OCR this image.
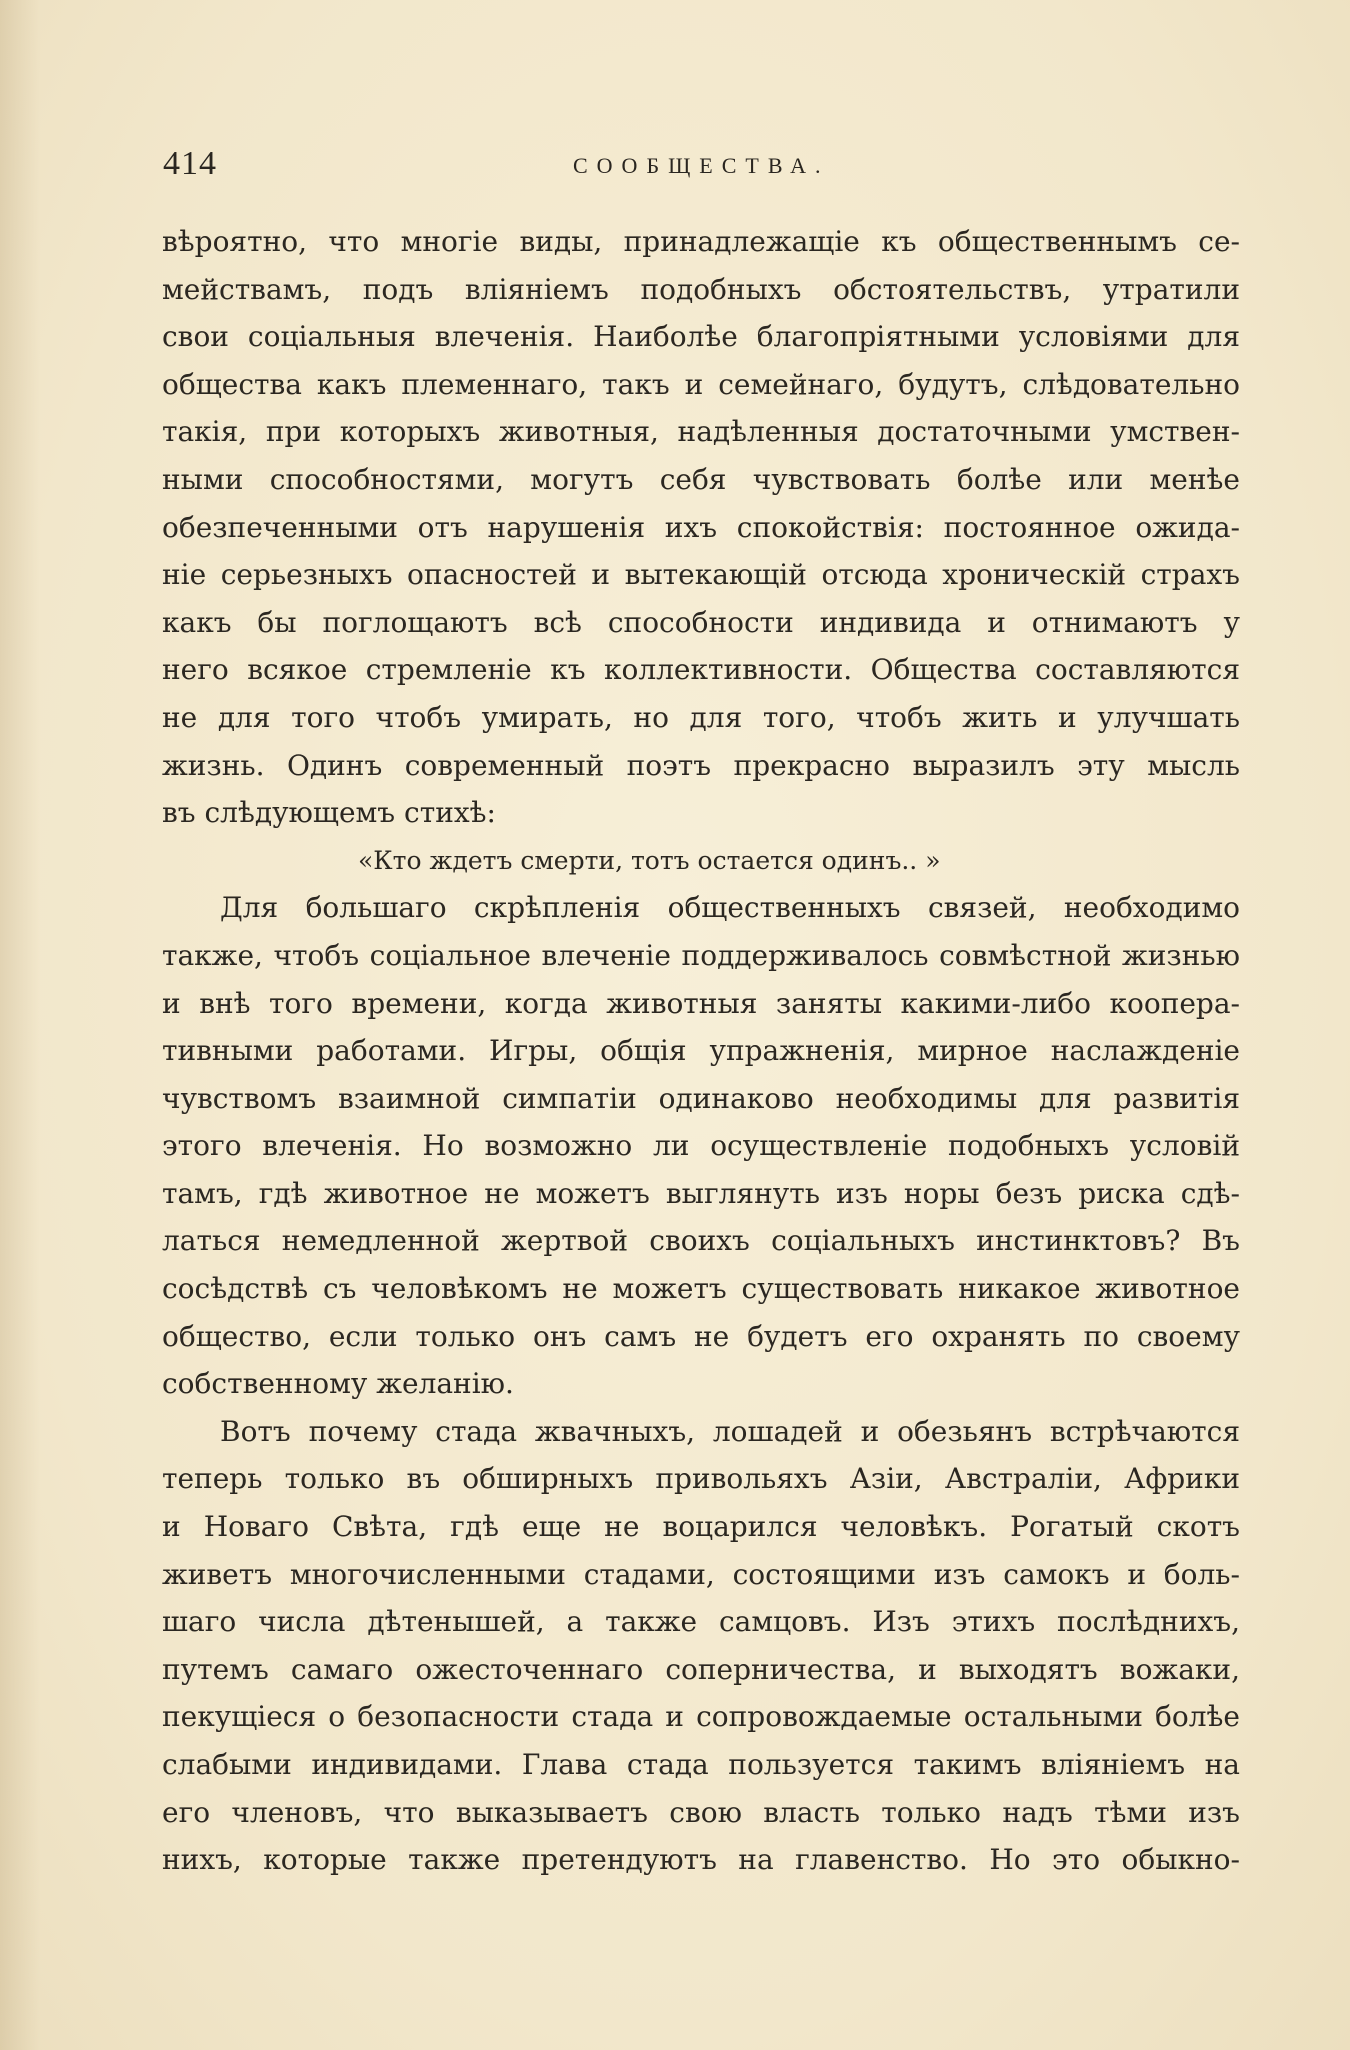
414	СООБЩЕСТВА.
вѣроятно, что многіе виды, принадлежащіе къ общественнымъ се-
мействамъ, подъ вліяніемъ подобныхъ обстоятельствъ, утратили
свои соціальныя влеченія. Наиболѣе благопріятными условіями для
общества какъ племеннаго, такъ и семейнаго, будутъ, слѣдовательно
такія, при которыхъ животныя, надѣленныя достаточными умствен-
ными способностями, могутъ себя чувствовать болѣе или менѣе
обезпеченными отъ нарушенія ихъ спокойствія: постоянное ожида-
ніе серьезныхъ опасностей и вытекающій отсюда хроническій страхъ
какъ бы поглощаютъ всѣ способности индивида и отнимаютъ у
него всякое стремленіе къ коллективности. Общества составляются
не для того чтобъ умирать, но для того, чтобъ жить и улучшать
жизнь. Одинъ современный поэтъ прекрасно выразилъ эту мысль
въ слѣдующемъ стихѣ:
«Кто ждетъ смерти, тотъ остается одинъ.. »
Для большаго скрѣпленія общественныхъ связей, необходимо
также, чтобъ соціальное влеченіе поддерживалось совмѣстной жизнью
и внѣ того времени, когда животныя заняты какими-либо коопера-
тивными работами. Игры, общія упражненія, мирное наслажденіе
чувствомъ взаимной симпатіи одинаково необходимы для развитія
этого влеченія. Но возможно ли осуществленіе подобныхъ условій
тамъ, гдѣ животное не можетъ выглянуть изъ норы безъ риска сдѣ-
латься немедленной жертвой своихъ соціальныхъ инстинктовъ? Въ
сосѣдствѣ съ человѣкомъ не можетъ существовать никакое животное
общество, если только онъ самъ не будетъ его охранять по своему
собственному желанію.
Вотъ почему стада жвачныхъ, лошадей и обезьянъ встрѣчаются
теперь только въ обширныхъ привольяхъ Азіи, Австраліи, Африки
и Новаго Свѣта, гдѣ еще не воцарился человѣкъ. Рогатый скотъ
живетъ многочисленными стадами, состоящими изъ самокъ и боль-
шаго числа дѣтенышей, а также самцовъ. Изъ этихъ послѣднихъ,
путемъ самаго ожесточеннаго соперничества, и выходятъ вожаки,
пекущіеся о безопасности стада и сопровождаемые остальными болѣе
слабыми индивидами. Глава стада пользуется такимъ вліяніемъ на
его членовъ, что выказываетъ свою власть только надъ тѣми изъ
нихъ, которые также претендуютъ на главенство. Но это обыкно-
